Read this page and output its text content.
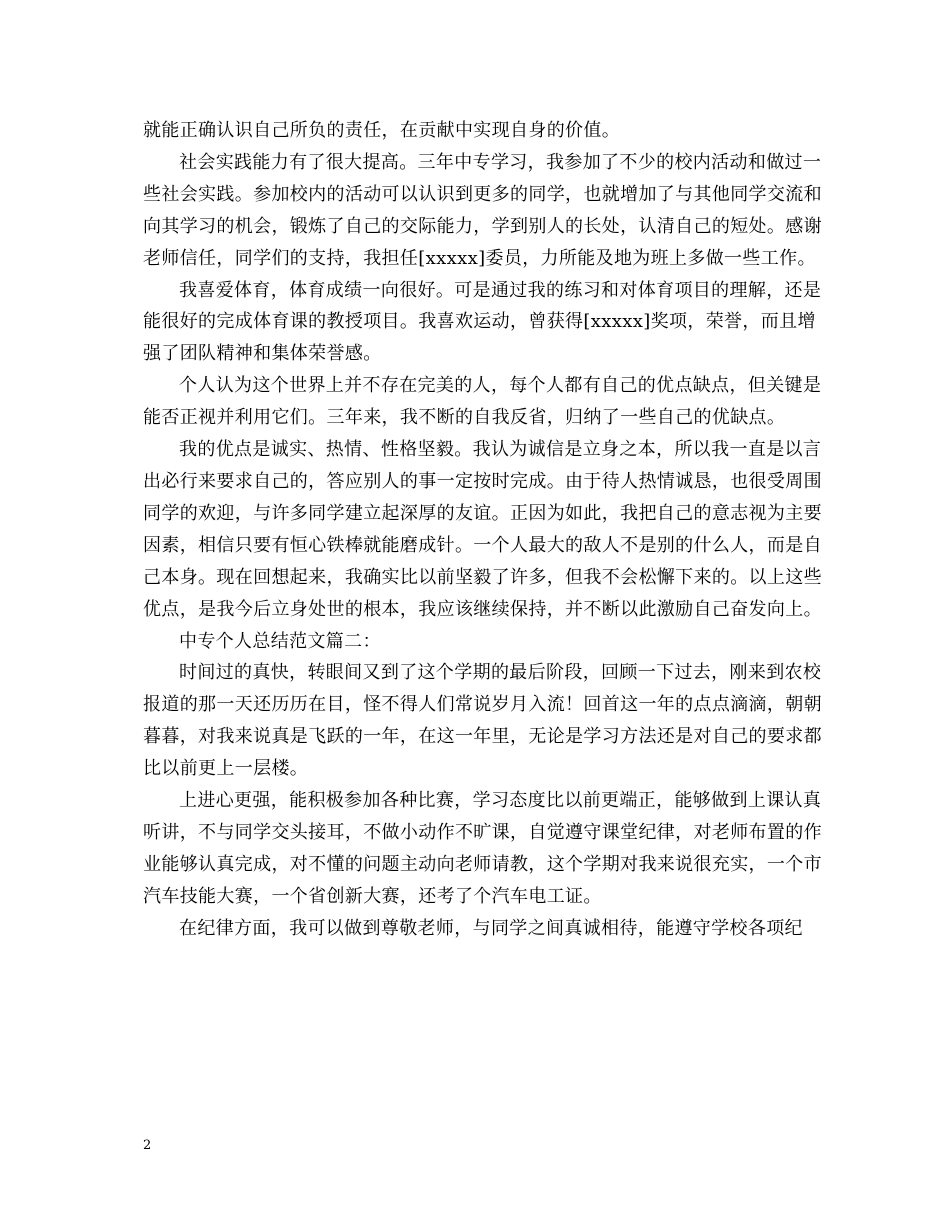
就能正确认识自己所负的责任，在贡献中实现自身的价值。

社会实践能力有了很大提高。三年中专学习，我参加了不少的校内活动和做过一些社会实践。参加校内的活动可以认识到更多的同学，也就增加了与其他同学交流和向其学习的机会，锻炼了自己的交际能力，学到别人的长处，认清自己的短处。感谢老师信任，同学们的支持，我担任[xxxxx]委员，力所能及地为班上多做一些工作。

我喜爱体育，体育成绩一向很好。可是通过我的练习和对体育项目的理解，还是能很好的完成体育课的教授项目。我喜欢运动，曾获得[xxxxx]奖项，荣誉，而且增强了团队精神和集体荣誉感。

个人认为这个世界上并不存在完美的人，每个人都有自己的优点缺点，但关键是能否正视并利用它们。三年来，我不断的自我反省，归纳了一些自己的优缺点。

我的优点是诚实、热情、性格坚毅。我认为诚信是立身之本，所以我一直是以言出必行来要求自己的，答应别人的事一定按时完成。由于待人热情诚恳，也很受周围同学的欢迎，与许多同学建立起深厚的友谊。正因为如此，我把自己的意志视为主要因素，相信只要有恒心铁棒就能磨成针。一个人最大的敌人不是别的什么人，而是自己本身。现在回想起来，我确实比以前坚毅了许多，但我不会松懈下来的。以上这些优点，是我今后立身处世的根本，我应该继续保持，并不断以此激励自己奋发向上。

中专个人总结范文篇二：

时间过的真快，转眼间又到了这个学期的最后阶段，回顾一下过去，刚来到农校报道的那一天还历历在目，怪不得人们常说岁月入流！回首这一年的点点滴滴，朝朝暮暮，对我来说真是飞跃的一年，在这一年里，无论是学习方法还是对自己的要求都比以前更上一层楼。

上进心更强，能积极参加各种比赛，学习态度比以前更端正，能够做到上课认真听讲，不与同学交头接耳，不做小动作不旷课，自觉遵守课堂纪律，对老师布置的作业能够认真完成，对不懂的问题主动向老师请教，这个学期对我来说很充实，一个市汽车技能大赛，一个省创新大赛，还考了个汽车电工证。

在纪律方面，我可以做到尊敬老师，与同学之间真诚相待，能遵守学校各项纪

2
